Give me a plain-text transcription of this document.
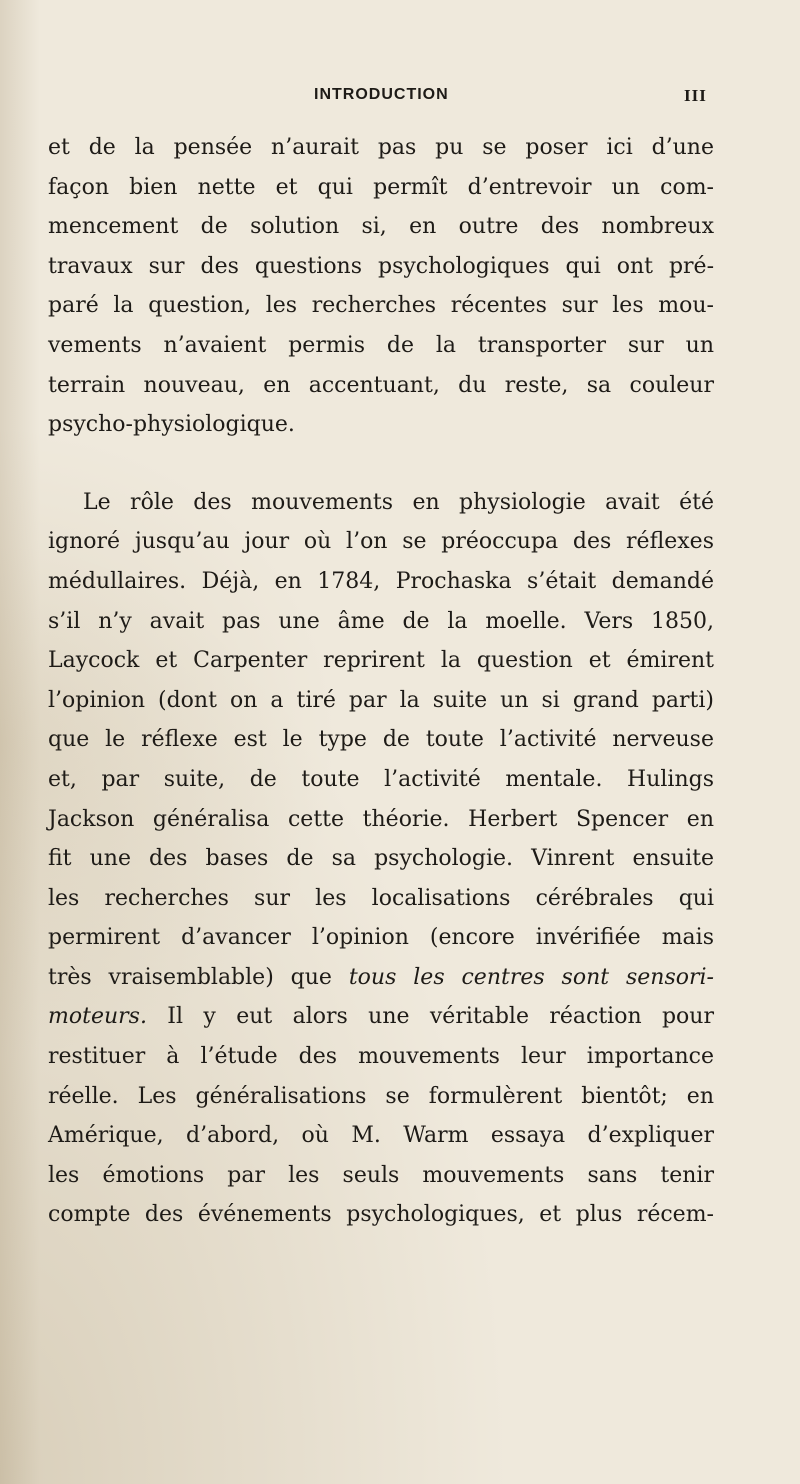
INTRODUCTION	III
et de la pensée n’aurait pas pu se poser ici d’une
façon bien nette et qui permît d’entrevoir un com-
mencement de solution si, en outre des nombreux
travaux sur des questions psychologiques qui ont pré-
paré la question, les recherches récentes sur les mou-
vements n’avaient permis de la transporter sur un
terrain nouveau, en accentuant, du reste, sa couleur
psycho-physiologique.
Le rôle des mouvements en physiologie avait été
ignoré jusqu’au jour où l’on se préoccupa des réflexes
médullaires. Déjà, en 1784, Prochaska s’était demandé
s’il n’y avait pas une âme de la moelle. Vers 1850,
Laycock et Carpenter reprirent la question et émirent
l’opinion (dont on a tiré par la suite un si grand parti)
que le réflexe est le type de toute l’activité nerveuse
et, par suite, de toute l’activité mentale. Hulings
Jackson généralisa cette théorie. Herbert Spencer en
fit une des bases de sa psychologie. Vinrent ensuite
les recherches sur les localisations cérébrales qui
permirent d’avancer l’opinion (encore invérifiée mais
très vraisemblable) que tous les centres sont sensori-
moteurs. Il y eut alors une véritable réaction pour
restituer à l’étude des mouvements leur importance
réelle. Les généralisations se formulèrent bientôt; en
Amérique, d’abord, où M. Warm essaya d’expliquer
les émotions par les seuls mouvements sans tenir
compte des événements psychologiques, et plus récem-
